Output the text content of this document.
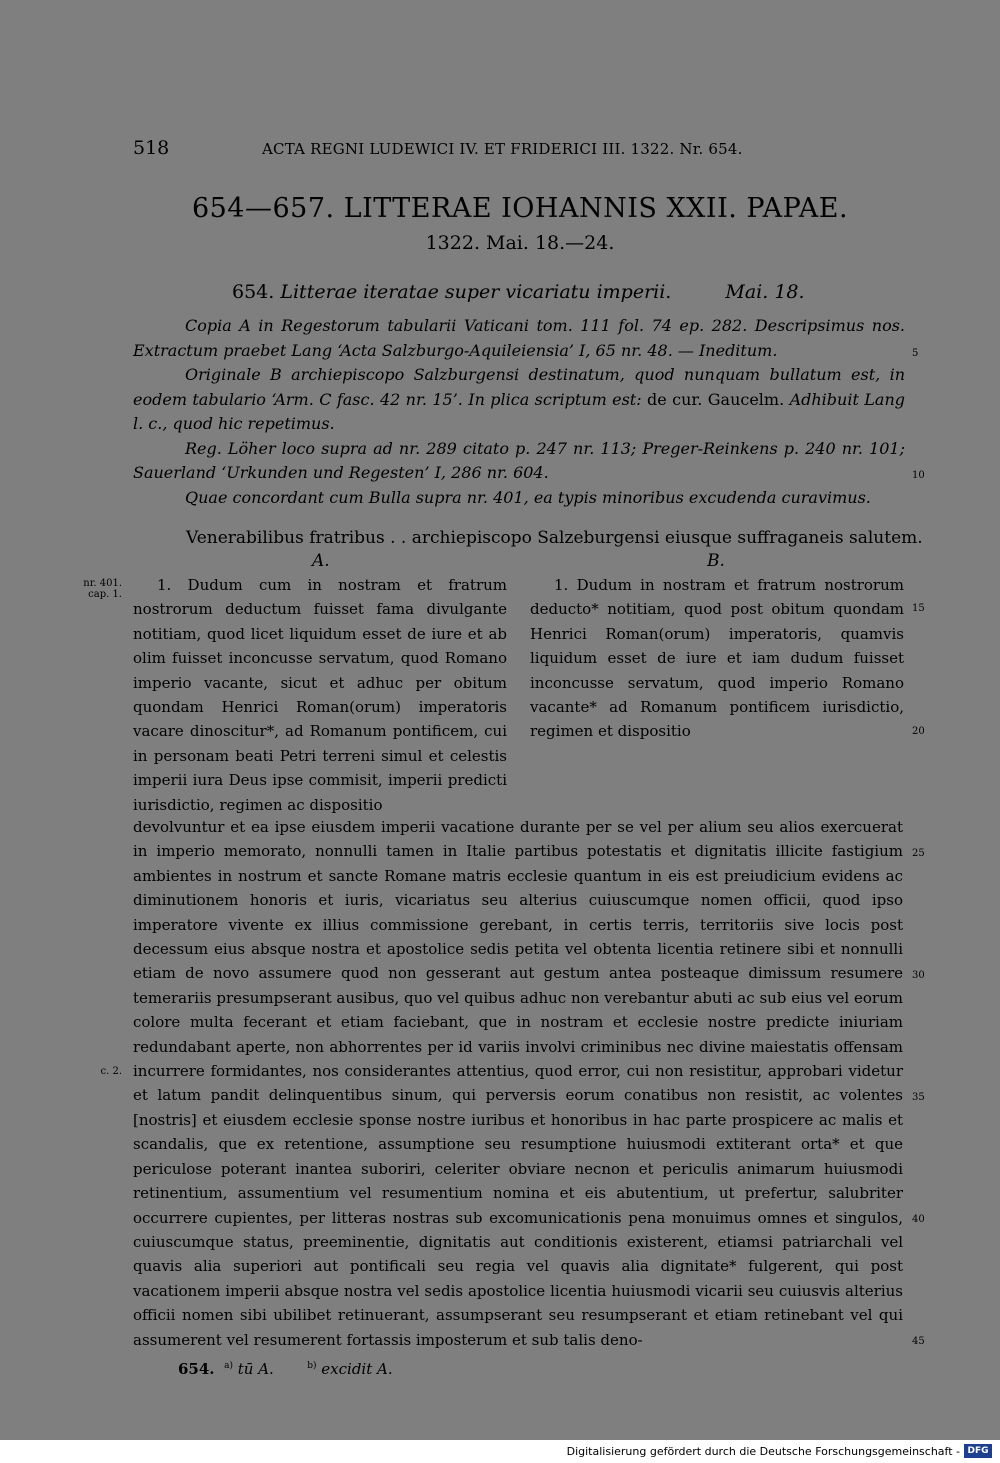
518	ACTA REGNI LUDEWICI IV. ET FRIDERICI III. 1322. Nr. 654.
654—657. LITTERAE IOHANNIS XXII. PAPAE.
1322. Mai. 18.—24.
654. Litterae iteratae super vicariatu imperii.	Mai. 18.

Copia A in Regestorum tabularii Vaticani tom. 111 fol. 74 ep. 282. Descripsimus nos. Extractum praebet Lang ‘Acta Salzburgo-Aquileiensia’ I, 65 nr. 48. — Ineditum.

Originale B archiepiscopo Salzburgensi destinatum, quod nunquam bullatum est, in eodem tabulario ‘Arm. C fasc. 42 nr. 15’. In plica scriptum est: de cur. Gaucelm. Adhibuit Lang l. c., quod hic repetimus.

Reg. Löher loco supra ad nr. 289 citato p. 247 nr. 113; Preger-Reinkens p. 240 nr. 101; Sauerland ‘Urkunden und Regesten’ I, 286 nr. 604.

Quae concordant cum Bulla supra nr. 401, ea typis minoribus excudenda curavimus.

5
10
Venerabilibus fratribus . . archiepiscopo Salzeburgensi eiusque suffraganeis salutem.
A.	B.
nr. 401.
cap. 1.

1. Dudum cum in nostram et fratrum nostrorum deductum fuisset fama divulgante notitiam, quod licet liquidum esset de iure et ab olim fuisset inconcusse servatum, quod Romano imperio vacante, sicut et adhuc per obitum quondam Henrici Roman(orum) imperatoris vacare dinoscitur*, ad Romanum pontificem, cui in personam beati Petri terreni simul et celestis imperii iura Deus ipse commisit, imperii predicti iurisdictio, regimen ac dispositio

1. Dudum in nostram et fratrum nostrorum deducto* notitiam, quod post obitum quondam Henrici Roman(orum) imperatoris, quamvis liquidum esset de iure et iam dudum fuisset inconcusse servatum, quod imperio Romano vacante* ad Romanum pontificem iurisdictio, regimen et dispositio

15
20

devolvuntur et ea ipse eiusdem imperii vacatione durante per se vel per alium seu alios exercuerat in imperio memorato, nonnulli tamen in Italie partibus potestatis et dignitatis illicite fastigium ambientes in nostrum et sancte Romane matris ecclesie quantum in eis est preiudicium evidens ac diminutionem honoris et iuris, vicariatus seu alterius cuiuscumque nomen officii, quod ipso imperatore vivente ex illius commissione gerebant, in certis terris, territoriis sive locis post decessum eius absque nostra et apostolice sedis petita vel obtenta licentia retinere sibi et nonnulli etiam de novo assumere quod non gesserant aut gestum antea posteaque dimissum resumere temerariis presumpserant ausibus, quo vel quibus adhuc non verebantur abuti ac sub eius vel eorum colore multa fecerant et etiam faciebant, que in nostram et ecclesie nostre predicte iniuriam redundabant aperte, non abhorrentes per id variis involvi criminibus nec divine maiestatis offensam incurrere formidantes, nos considerantes attentius, quod error, cui non resistitur, approbari videtur et latum pandit delinquentibus sinum, qui perversis eorum conatibus non resistit, ac volentes [nostris] et eiusdem ecclesie sponse nostre iuribus et honoribus in hac parte prospicere ac malis et scandalis, que ex retentione, assumptione seu resumptione huiusmodi extiterant orta* et que periculose poterant inantea suboriri, celeriter obviare necnon et periculis animarum huiusmodi retinentium, assumentium vel resumentium nomina et eis abutentium, ut prefertur, salubriter occurrere cupientes, per litteras nostras sub excomunicationis pena monuimus omnes et singulos, cuiuscumque status, preeminentie, dignitatis aut conditionis existerent, etiamsi patriarchali vel quavis alia superiori aut pontificali seu regia vel quavis alia dignitate* fulgerent, qui post vacationem imperii absque nostra vel sedis apostolice licentia huiusmodi vicarii seu cuiusvis alterius officii nomen sibi ubilibet retinuerant, assumpserant seu resumpserant et etiam retinebant vel qui assumerent vel resumerent fortassis imposterum et sub talis deno-

c. 2.
25
30
35
40
45
654. $^{a)}$ tū A.	$^{b)}$ excidit A.
Digitalisierung gefördert durch die Deutsche Forschungsgemeinschaft - DFG
